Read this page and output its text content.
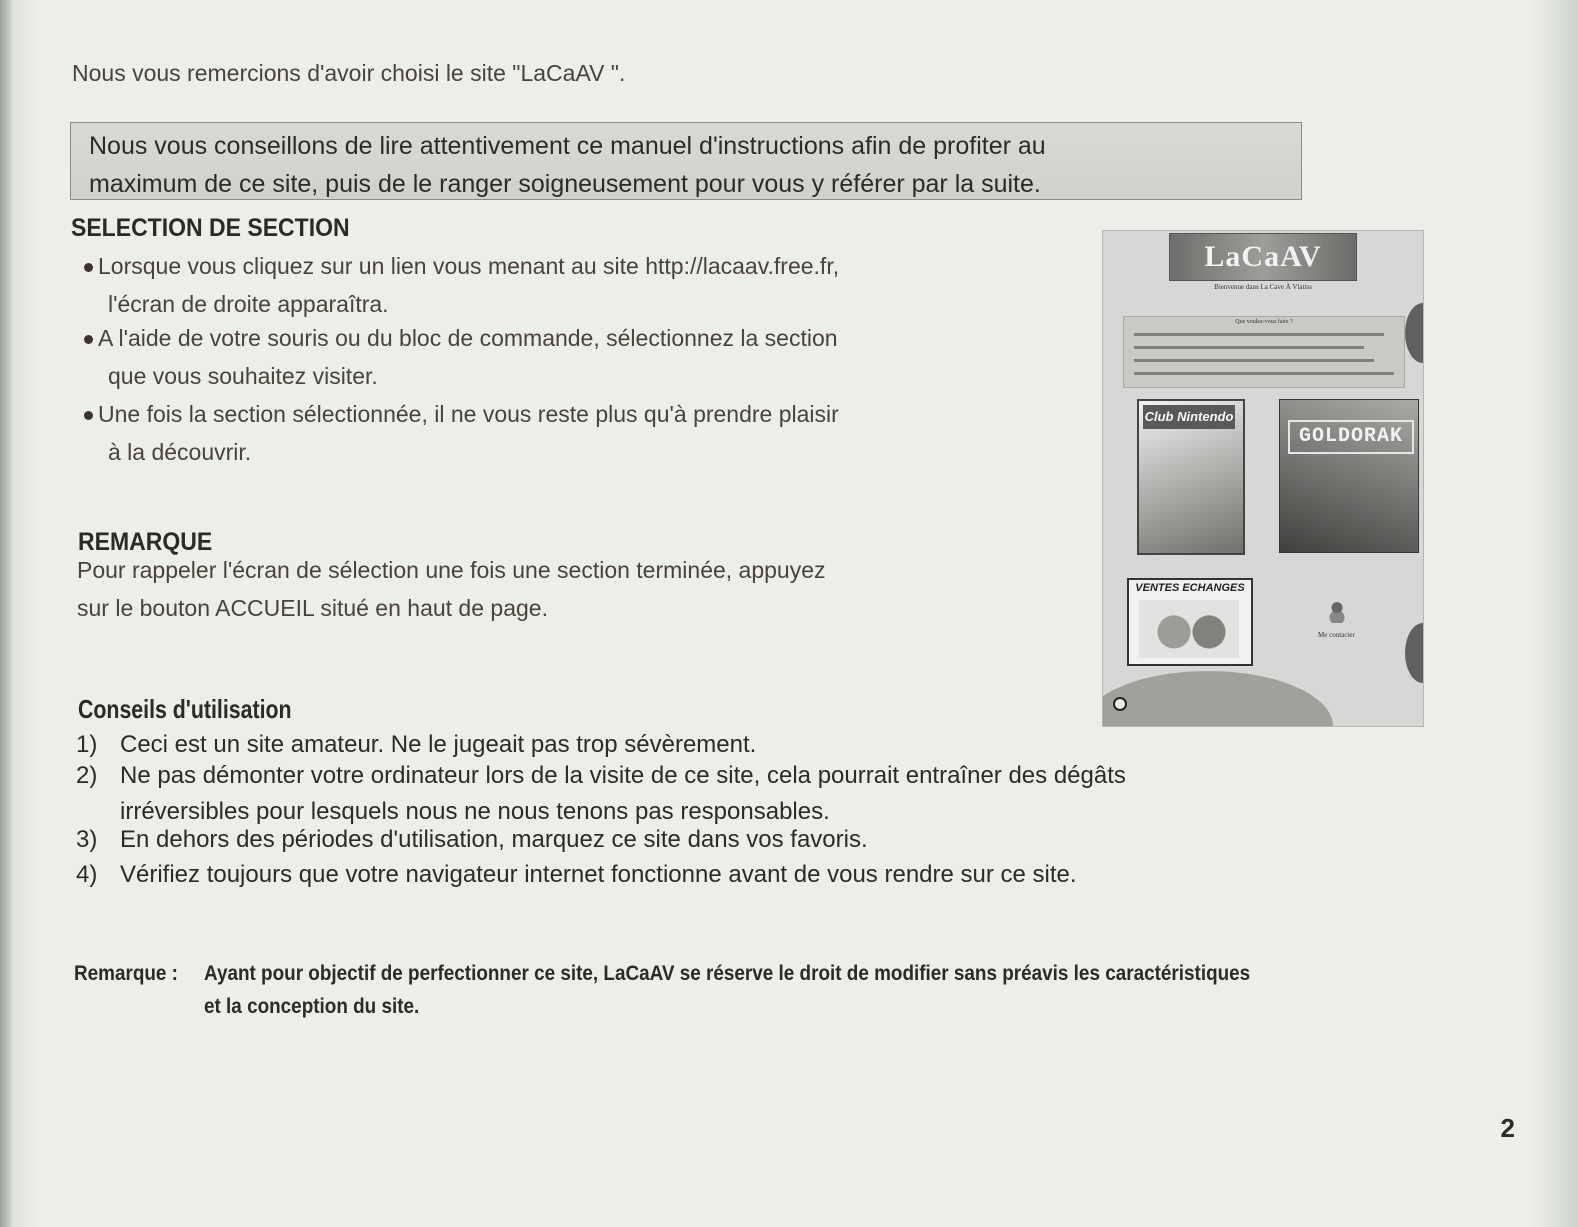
Nous vous remercions d'avoir choisi le site "LaCaAV ".
Nous vous conseillons de lire attentivement ce manuel d'instructions afin de profiter au
maximum de ce site, puis de le ranger soigneusement pour vous y référer par la suite.
SELECTION DE SECTION
Lorsque vous cliquez sur un lien vous menant au site http://lacaav.free.fr,
l'écran de droite apparaîtra.
A l'aide de votre souris ou du bloc de commande, sélectionnez la section
que vous souhaitez visiter.
Une fois la section sélectionnée, il ne vous reste plus qu'à prendre plaisir
à la découvrir.
REMARQUE
Pour rappeler l'écran de sélection une fois une section terminée, appuyez
sur le bouton ACCUEIL situé en haut de page.
Conseils d'utilisation
1) Ceci est un site amateur. Ne le jugeait pas trop sévèrement.
2) Ne pas démonter votre ordinateur lors de la visite de ce site, cela pourrait entraîner des dégâts
irréversibles pour lesquels nous ne nous tenons pas responsables.
3) En dehors des périodes d'utilisation, marquez ce site dans vos favoris.
4) Vérifiez toujours que votre navigateur internet fonctionne avant de vous rendre sur ce site.
Remarque : Ayant pour objectif de perfectionner ce site, LaCaAV se réserve le droit de modifier sans préavis les caractéristiques
et la conception du site.
2
LaCaAV
Bienvenue dans La Cave À Vlatiss
Que voulez-vous faire ?
Club Nintendo
GOLDORAK
VENTES ECHANGES
Me contacter
